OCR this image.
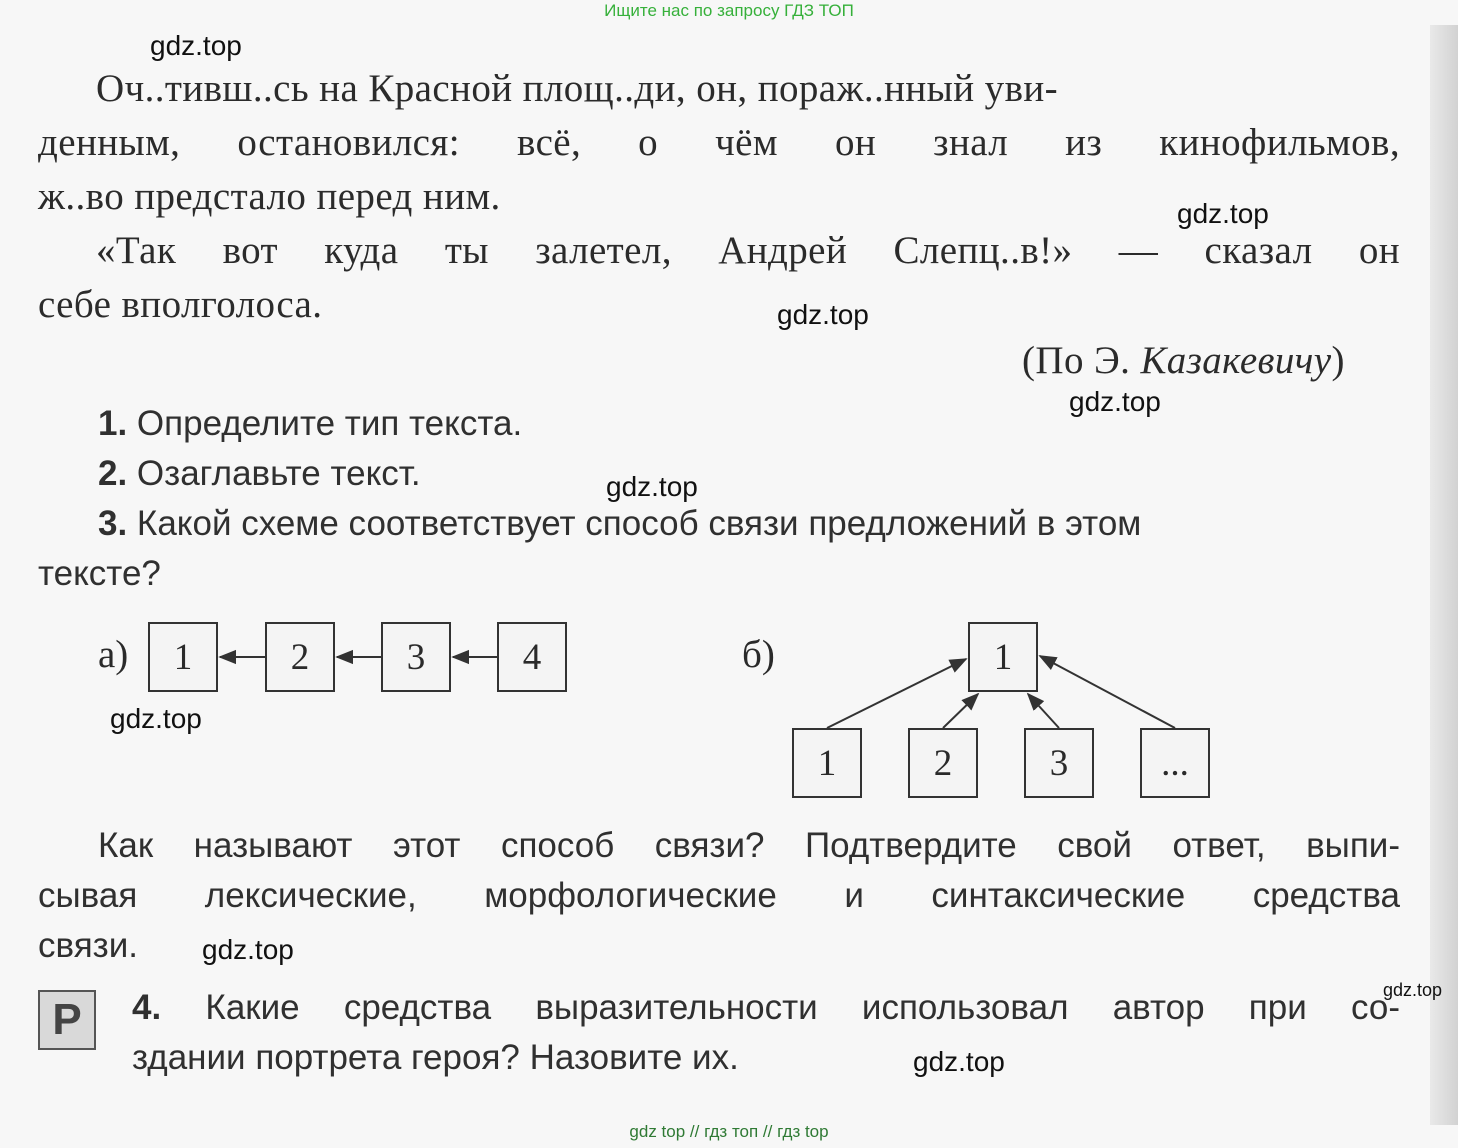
Ищите нас по запросу ГДЗ ТОП
Оч..тивш..сь на Красной площ..ди, он, пораж..нный уви-
денным, остановился: всё, о чём он знал из кинофильмов,
ж..во предстало перед ним.
«Так вот куда ты залетел, Андрей Слепц..в!» — сказал он
себе вполголоса.
(По Э. Казакевичу)
1. Определите тип текста.
2. Озаглавьте текст.
3. Какой схеме соответствует способ связи предложений в этом
тексте?
а)	1	2	3	4	б)	1
1	2	3	...
Как называют этот способ связи? Подтвердите свой ответ, выпи-
сывая лексические, морфологические и синтаксические средства
связи.
Р	4. Какие средства выразительности использовал автор при со-
здании портрета героя? Назовите их.
gdz.top
gdz.top
gdz.top
gdz.top
gdz.top
gdz.top
gdz.top
gdz.top
gdz.top
gdz top // гдз топ // гдз top
